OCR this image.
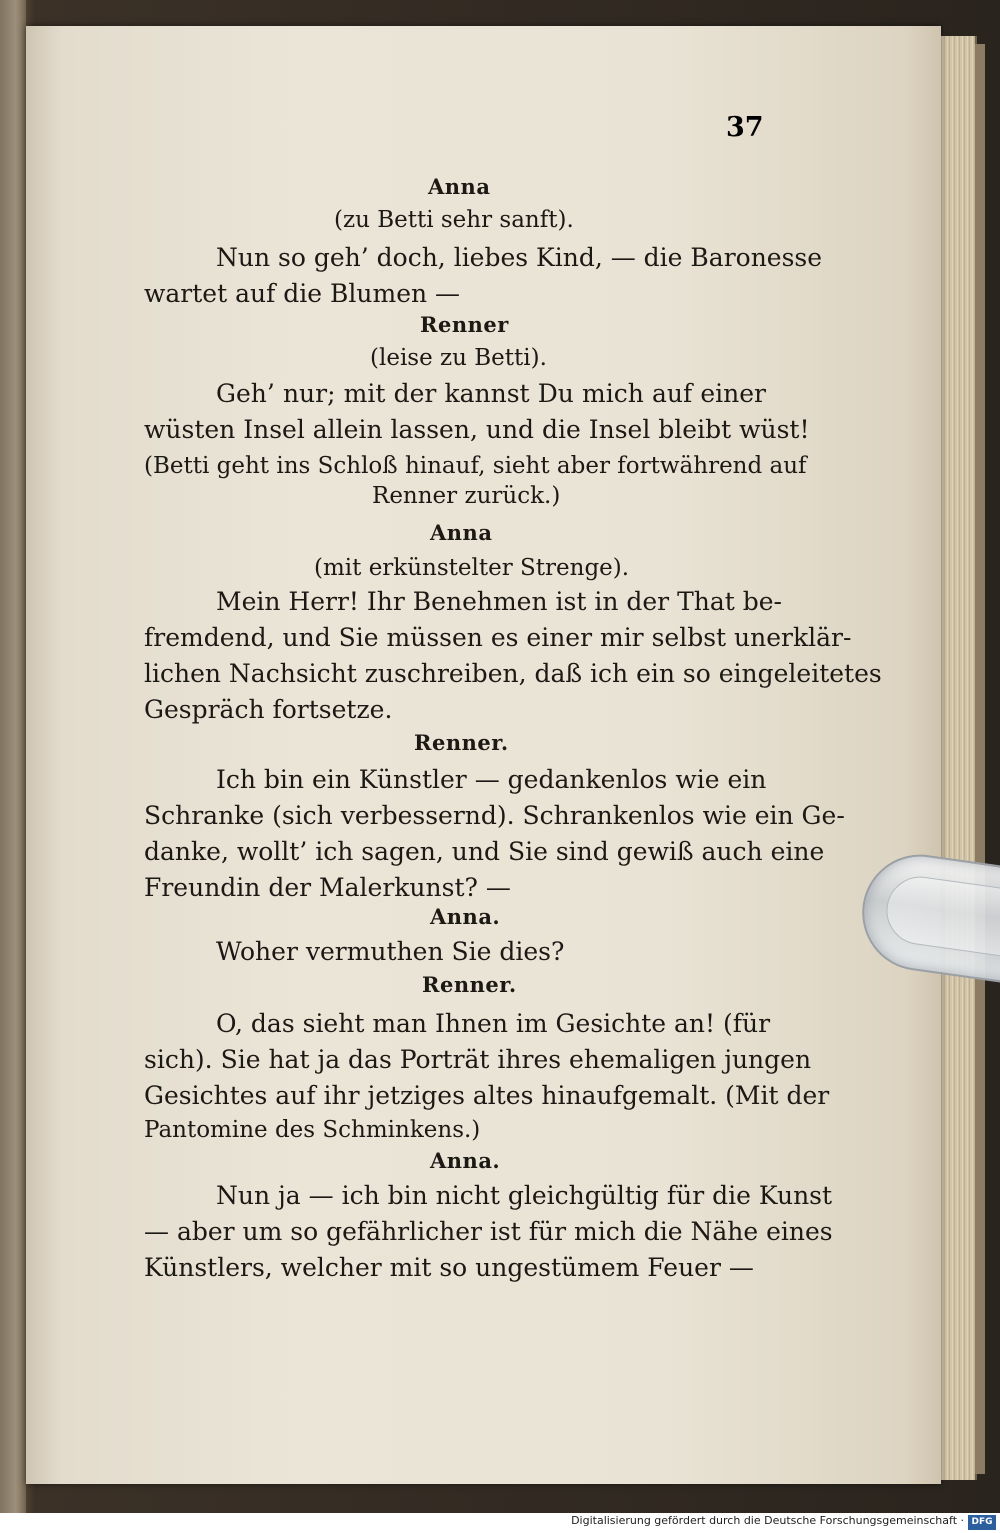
37
Anna
(zu Betti sehr sanft).
Nun so geh’ doch, liebes Kind, — die Baronesse
wartet auf die Blumen —
Renner
(leise zu Betti).
Geh’ nur; mit der kannst Du mich auf einer
wüsten Insel allein lassen, und die Insel bleibt wüst!
(Betti geht ins Schloß hinauf, sieht aber fortwährend auf
Renner zurück.)
Anna
(mit erkünstelter Strenge).
Mein Herr! Ihr Benehmen ist in der That be-
fremdend, und Sie müssen es einer mir selbst unerklär-
lichen Nachsicht zuschreiben, daß ich ein so eingeleitetes
Gespräch fortsetze.
Renner.
Ich bin ein Künstler — gedankenlos wie ein
Schranke (sich verbessernd). Schrankenlos wie ein Ge-
danke, wollt’ ich sagen, und Sie sind gewiß auch eine
Freundin der Malerkunst? —
Anna.
Woher vermuthen Sie dies?
Renner.
O, das sieht man Ihnen im Gesichte an! (für
sich). Sie hat ja das Porträt ihres ehemaligen jungen
Gesichtes auf ihr jetziges altes hinaufgemalt. (Mit der
Pantomine des Schminkens.)
Anna.
Nun ja — ich bin nicht gleichgültig für die Kunst
— aber um so gefährlicher ist für mich die Nähe eines
Künstlers, welcher mit so ungestümem Feuer —
Digitalisierung gefördert durch die Deutsche Forschungsgemeinschaft · DFG
